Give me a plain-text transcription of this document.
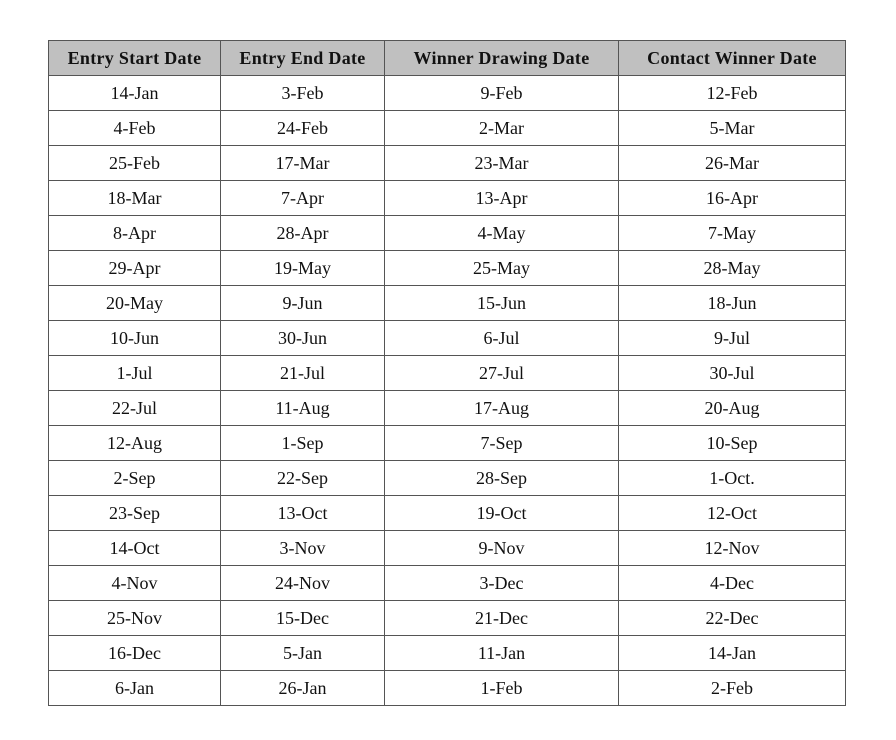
Entry Start Date	Entry End Date	Winner Drawing Date	Contact Winner Date
14-Jan	3-Feb	9-Feb	12-Feb
4-Feb	24-Feb	2-Mar	5-Mar
25-Feb	17-Mar	23-Mar	26-Mar
18-Mar	7-Apr	13-Apr	16-Apr
8-Apr	28-Apr	4-May	7-May
29-Apr	19-May	25-May	28-May
20-May	9-Jun	15-Jun	18-Jun
10-Jun	30-Jun	6-Jul	9-Jul
1-Jul	21-Jul	27-Jul	30-Jul
22-Jul	11-Aug	17-Aug	20-Aug
12-Aug	1-Sep	7-Sep	10-Sep
2-Sep	22-Sep	28-Sep	1-Oct.
23-Sep	13-Oct	19-Oct	12-Oct
14-Oct	3-Nov	9-Nov	12-Nov
4-Nov	24-Nov	3-Dec	4-Dec
25-Nov	15-Dec	21-Dec	22-Dec
16-Dec	5-Jan	11-Jan	14-Jan
6-Jan	26-Jan	1-Feb	2-Feb
